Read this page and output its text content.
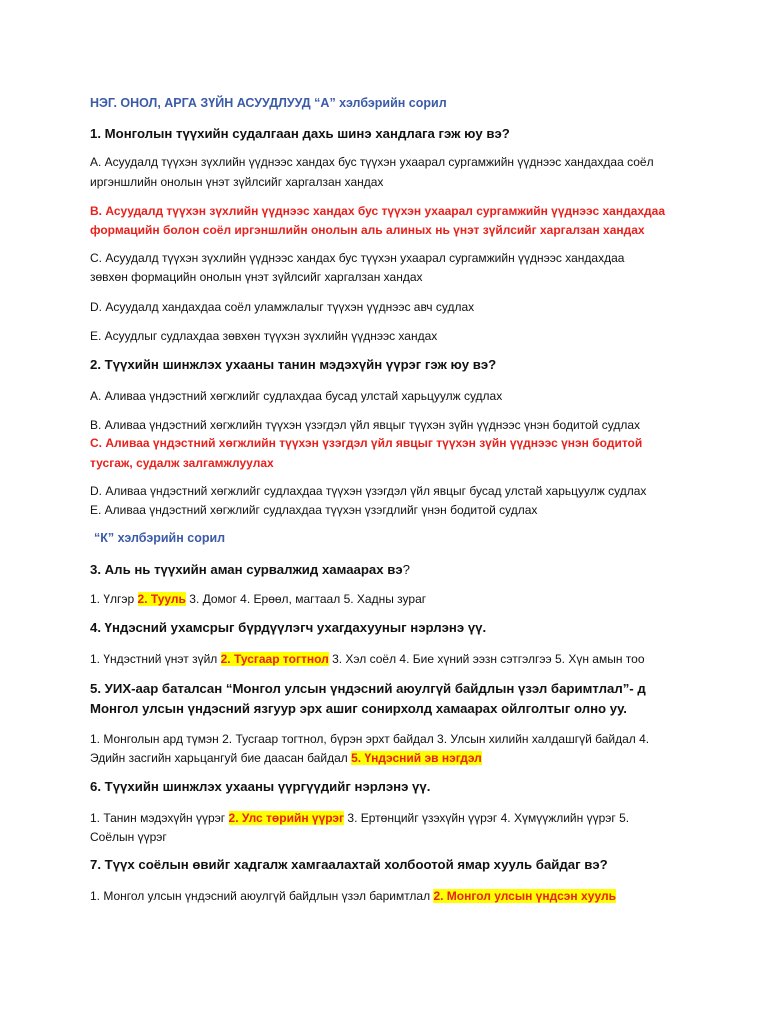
НЭГ. ОНОЛ, АРГА ЗҮЙН АСУУДЛУУД “А” хэлбэрийн сорил
1. Монголын түүхийн судалгаан дахь шинэ хандлага гэж юу вэ?
А. Асуудалд түүхэн зүхлийн үүднээс хандах бус түүхэн ухаарал сургамжийн үүднээс хандахдаа соёл
иргэншлийн онолын үнэт зүйлсийг харгалзан хандах
В. Асуудалд түүхэн зүхлийн үүднээс хандах бус түүхэн ухаарал сургамжийн үүднээс хандахдаа
формацийн болон соёл иргэншлийн онолын аль алиных нь үнэт зүйлсийг харгалзан хандах
С. Асуудалд түүхэн зүхлийн үүднээс хандах бус түүхэн ухаарал сургамжийн үүднээс хандахдаа
зөвхөн формацийн онолын үнэт зүйлсийг харгалзан хандах
D. Асуудалд хандахдаа соёл уламжлалыг түүхэн үүднээс авч судлах
Е. Асуудлыг судлахдаа зөвхөн түүхэн зүхлийн үүднээс хандах
2. Түүхийн шинжлэх ухааны танин мэдэхүйн үүрэг гэж юу вэ?
А. Аливаа үндэстний хөгжлийг судлахдаа бусад улстай харьцуулж судлах
В. Аливаа үндэстний хөгжлийн түүхэн үзэгдэл үйл явцыг түүхэн зүйн үүднээс үнэн бодитой судлах
С. Аливаа үндэстний хөгжлийн түүхэн үзэгдэл үйл явцыг түүхэн зүйн үүднээс үнэн бодитой
тусгаж, судалж залгамжлуулах
D. Аливаа үндэстний хөгжлийг судлахдаа түүхэн үзэгдэл үйл явцыг бусад улстай харьцуулж судлах
Е. Аливаа үндэстний хөгжлийг судлахдаа түүхэн үзэгдлийг үнэн бодитой судлах
“К” хэлбэрийн сорил
3. Аль нь түүхийн аман сурвалжид хамаарах вэ?
1. Үлгэр 2. Тууль 3. Домог 4. Ерөөл, магтаал 5. Хадны зураг
4. Үндэсний ухамсрыг бүрдүүлэгч ухагдахууныг нэрлэнэ үү.
1. Үндэстний үнэт зүйл 2. Тусгаар тогтнол 3. Хэл соёл 4. Бие хүний ээзн сэтгэлгээ 5. Хүн амын тоо
5. УИХ-аар баталсан “Монгол улсын үндэсний аюулгүй байдлын үзэл баримтлал”- д
Монгол улсын үндэсний язгуур эрх ашиг сонирхолд хамаарах ойлголтыг олно уу.
1. Монголын ард түмэн 2. Тусгаар тогтнол, бүрэн эрхт байдал 3. Улсын хилийн халдашгүй байдал 4.
Эдийн засгийн харьцангуй бие даасан байдал 5. Үндэсний эв нэгдэл
6. Түүхийн шинжлэх ухааны үүргүүдийг нэрлэнэ үү.
1. Танин мэдэхүйн үүрэг 2. Улс төрийн үүрэг 3. Ертөнцийг үзэхүйн үүрэг 4. Хүмүүжлийн үүрэг 5.
Соёлын үүрэг
7. Түүх соёлын өвийг хадгалж хамгаалахтай холбоотой ямар хууль байдаг вэ?
1. Монгол улсын үндэсний аюулгүй байдлын үзэл баримтлал 2. Монгол улсын үндсэн хууль
